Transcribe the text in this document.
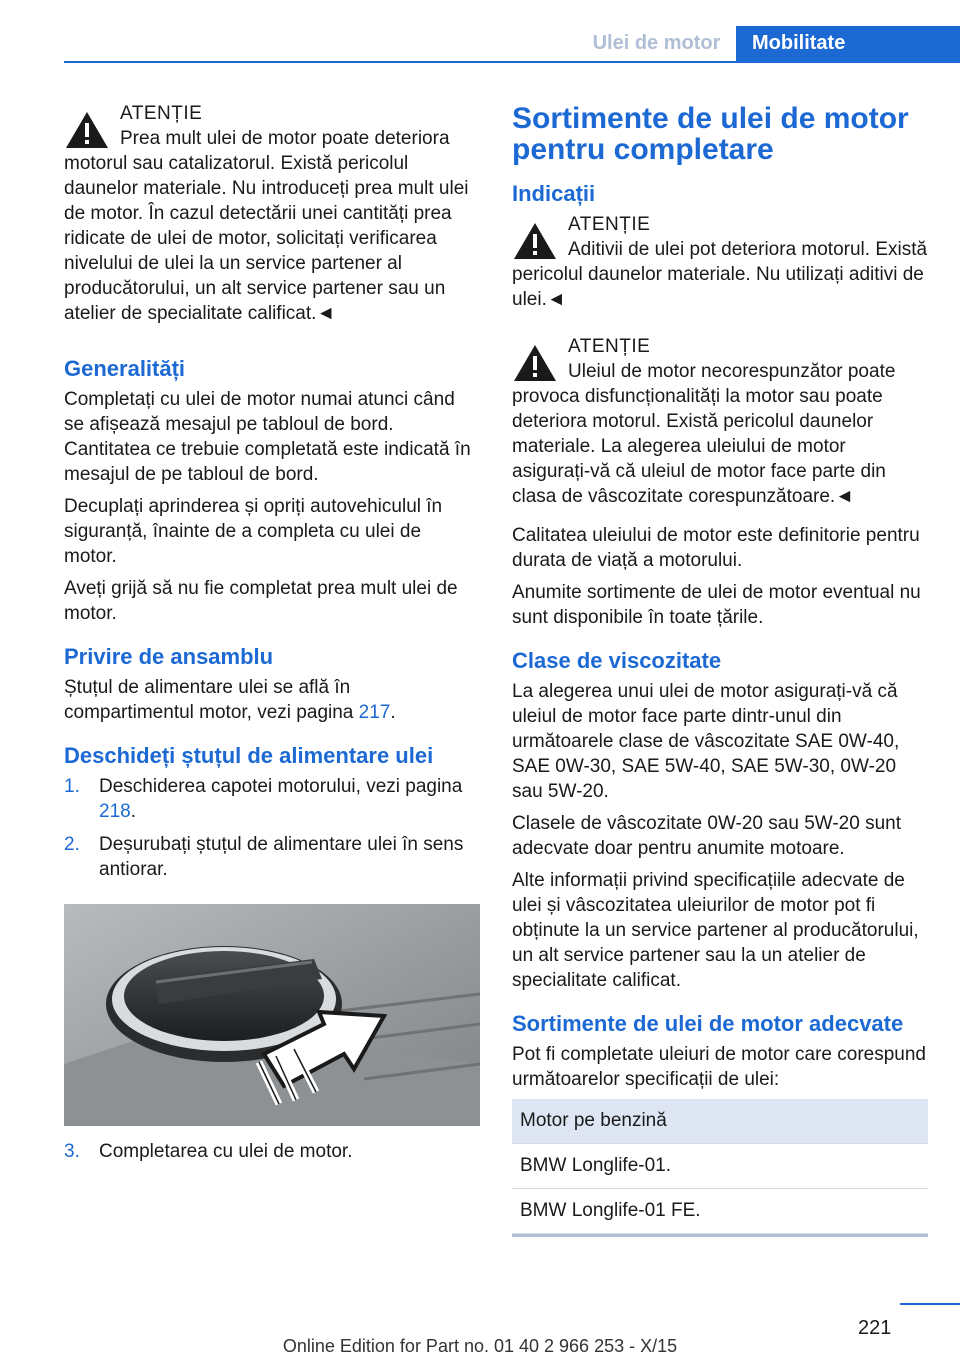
Ulei de motor	Mobilitate
ATENȚIE
Prea mult ulei de motor poate deteriora motorul sau catalizatorul. Există pericolul daunelor materiale. Nu introduceți prea mult ulei de motor. În cazul detectării unei cantități prea ridicate de ulei de motor, solicitați verificarea nivelului de ulei la un service partener al producătorului, un alt service partener sau un atelier de specialitate calificat.◄
Generalități

Completați cu ulei de motor numai atunci când se afișează mesajul pe tabloul de bord. Cantitatea ce trebuie completată este indicată în mesajul de pe tabloul de bord.

Decuplați aprinderea și opriți autovehiculul în siguranță, înainte de a completa cu ulei de motor.

Aveți grijă să nu fie completat prea mult ulei de motor.

Privire de ansamblu

Ștuțul de alimentare ulei se află în compartimentul motor, vezi pagina 217.

Deschideți ștuțul de alimentare ulei
1. Deschiderea capotei motorului, vezi pagina 218.
2. Deșurubați ștuțul de alimentare ulei în sens antiorar.
3. Completarea cu ulei de motor.
Sortimente de ulei de motor pentru completare
Indicații
ATENȚIE
Aditivii de ulei pot deteriora motorul. Există pericolul daunelor materiale. Nu utilizați aditivi de ulei.◄
ATENȚIE
Uleiul de motor necorespunzător poate provoca disfuncționalități la motor sau poate deteriora motorul. Există pericolul daunelor materiale. La alegerea uleiului de motor asigurați-vă că uleiul de motor face parte din clasa de vâscozitate corespunzătoare.◄

Calitatea uleiului de motor este definitorie pentru durata de viață a motorului.

Anumite sortimente de ulei de motor eventual nu sunt disponibile în toate țările.

Clase de viscozitate

La alegerea unui ulei de motor asigurați-vă că uleiul de motor face parte dintr-unul din următoarele clase de vâscozitate SAE 0W-40, SAE 0W-30, SAE 5W-40, SAE 5W-30, 0W-20 sau 5W-20.

Clasele de vâscozitate 0W-20 sau 5W-20 sunt adecvate doar pentru anumite motoare.

Alte informații privind specificațiile adecvate de ulei și vâscozitatea uleiurilor de motor pot fi obținute la un service partener al producătorului, un alt service partener sau la un atelier de specialitate calificat.

Sortimente de ulei de motor adecvate

Pot fi completate uleiuri de motor care corespund următoarelor specificații de ulei:

Motor pe benzină
BMW Longlife-01.
BMW Longlife-01 FE.
221
Online Edition for Part no. 01 40 2 966 253 - X/15
